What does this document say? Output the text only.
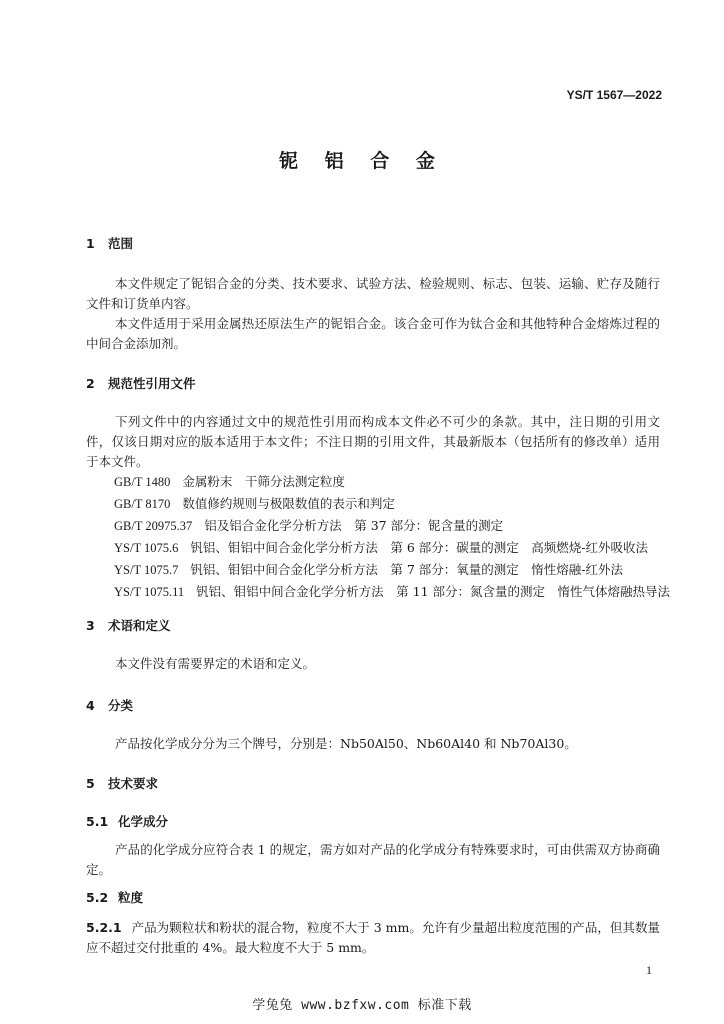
YS/T 1567—2022
铌 铝 合 金
1 范围
本文件规定了铌铝合金的分类、技术要求、试验方法、检验规则、标志、包装、运输、贮存及随行文件和订货单内容。
本文件适用于采用金属热还原法生产的铌铝合金。该合金可作为钛合金和其他特种合金熔炼过程的中间合金添加剂。
2 规范性引用文件
下列文件中的内容通过文中的规范性引用而构成本文件必不可少的条款。其中，注日期的引用文件，仅该日期对应的版本适用于本文件；不注日期的引用文件，其最新版本（包括所有的修改单）适用于本文件。
GB/T 1480 金属粉末　干筛分法测定粒度
GB/T 8170 数值修约规则与极限数值的表示和判定
GB/T 20975.37 铝及铝合金化学分析方法　第 37 部分：铌含量的测定
YS/T 1075.6 钒铝、钼铝中间合金化学分析方法　第 6 部分：碳量的测定　高频燃烧-红外吸收法
YS/T 1075.7 钒铝、钼铝中间合金化学分析方法　第 7 部分：氧量的测定　惰性熔融-红外法
YS/T 1075.11 钒铝、钼铝中间合金化学分析方法　第 11 部分：氮含量的测定　惰性气体熔融热导法
3 术语和定义
本文件没有需要界定的术语和定义。
4 分类
产品按化学成分分为三个牌号，分别是：Nb50Al50、Nb60Al40 和 Nb70Al30。
5 技术要求
5.1 化学成分
产品的化学成分应符合表 1 的规定，需方如对产品的化学成分有特殊要求时，可由供需双方协商确定。
5.2 粒度
5.2.1 产品为颗粒状和粉状的混合物，粒度不大于 3 mm。允许有少量超出粒度范围的产品，但其数量应不超过交付批重的 4%。最大粒度不大于 5 mm。
1
学兔兔 www.bzfxw.com 标准下载
